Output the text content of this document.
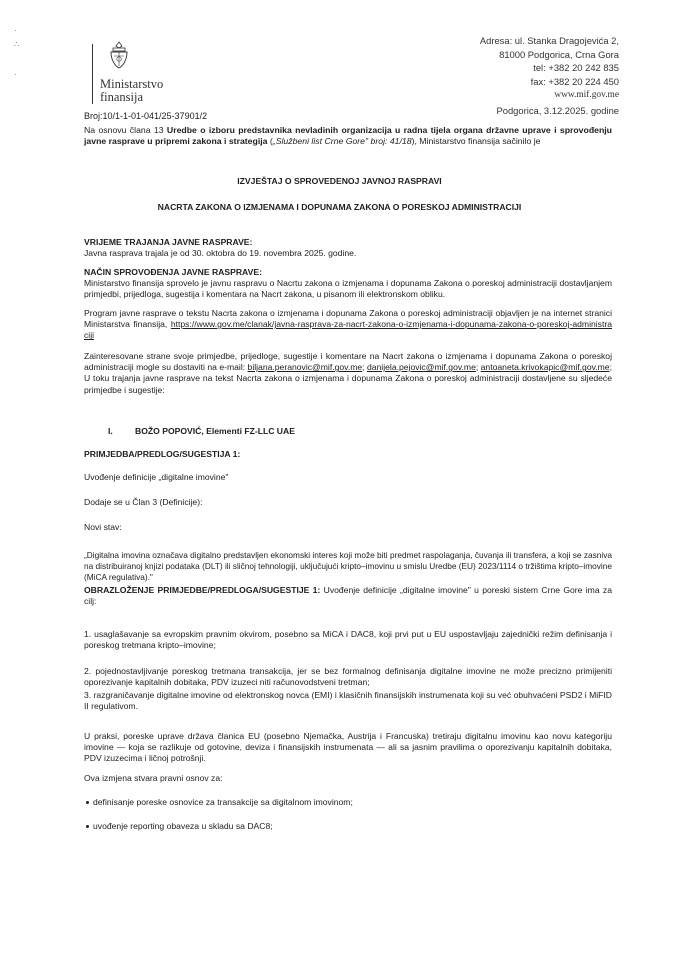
·
∴
·
Ministarstvo
finansija
Adresa: ul. Stanka Dragojevića 2,
81000 Podgorica, Crna Gora
tel: +382 20 242 835
fax: +382 20 224 450
www.mif.gov.me
Podgorica, 3.12.2025. godine
Broj:10/1-1-01-041/25-37901/2
Na osnovu člana 13 Uredbe o izboru predstavnika nevladinih organizacija u radna tijela organa državne uprave i sprovođenju javne rasprave u pripremi zakona i strategija („Službeni list Crne Gore" broj: 41/18), Ministarstvo finansija sačinilo je
IZVJEŠTAJ O SPROVEDENOJ JAVNOJ RASPRAVI
NACRTA ZAKONA O IZMJENAMA I DOPUNAMA ZAKONA O PORESKOJ ADMINISTRACIJI
VRIJEME TRAJANJA JAVNE RASPRAVE:
Javna rasprava trajala je od 30. oktobra do 19. novembra 2025. godine.
NAČIN SPROVOĐENJA JAVNE RASPRAVE:
Ministarstvo finansija sprovelo je javnu raspravu o Nacrtu zakona o izmjenama i dopunama Zakona o poreskoj administraciji dostavljanjem primjedbi, prijedloga, sugestija i komentara na Nacrt zakona, u pisanom ili elektronskom obliku.
Program javne rasprave o tekstu Nacrta zakona o izmjenama i dopunama Zakona o poreskoj administraciji objavljen je na internet stranici Ministarstva finansija, https://www.gov.me/clanak/javna-rasprava-za-nacrt-zakona-o-izmjenama-i-dopunama-zakona-o-poreskoj-administraciji
Zainteresovane strane svoje primjedbe, prijedloge, sugestije i komentare na Nacrt zakona o izmjenama i dopunama Zakona o poreskoj administraciji mogle su dostaviti na e-mail: biljana.peranovic@mif.gov.me; danijela.pejovic@mif.gov.me; antoaneta.krivokapic@mif.gov.me; U toku trajanja javne rasprave na tekst Nacrta zakona o izmjenama i dopunama Zakona o poreskoj administraciji dostavljene su sljedeće primjedbe i sugestije:
I.	BOŽO POPOVIĆ, Elementi FZ-LLC UAE
PRIMJEDBA/PREDLOG/SUGESTIJA 1:
Uvođenje definicije „digitalne imovine"
Dodaje se u Član 3 (Definicije):
Novi stav:
„Digitalna imovina označava digitalno predstavljen ekonomski interes koji može biti predmet raspolaganja, čuvanja ili transfera, a koji se zasniva na distribuiranoj knjizi podataka (DLT) ili sličnoj tehnologiji, uključujući kripto–imovinu u smislu Uredbe (EU) 2023/1114 o tržištima kripto–imovine (MiCA regulativa)."
OBRAZLOŽENJE PRIMJEDBE/PREDLOGA/SUGESTIJE 1: Uvođenje definicije „digitalne imovine" u poreski sistem Crne Gore ima za cilj:
1. usaglašavanje sa evropskim pravnim okvirom, posebno sa MiCA i DAC8, koji prvi put u EU uspostavljaju zajednički režim definisanja i poreskog tretmana kripto–imovine;
2. pojednostavljivanje poreskog tretmana transakcija, jer se bez formalnog definisanja digitalne imovine ne može precizno primijeniti oporezivanje kapitalnih dobitaka, PDV izuzeci niti računovodstveni tretman;
3. razgraničavanje digitalne imovine od elektronskog novca (EMI) i klasičnih finansijskih instrumenata koji su već obuhvaćeni PSD2 i MiFID II regulativom.
U praksi, poreske uprave država članica EU (posebno Njemačka, Austrija i Francuska) tretiraju digitalnu imovinu kao novu kategoriju imovine — koja se razlikuje od gotovine, deviza i finansijskih instrumenata — ali sa jasnim pravilima o oporezivanju kapitalnih dobitaka, PDV izuzecima i ličnoj potrošnji.
Ova izmjena stvara pravni osnov za:
definisanje poreske osnovice za transakcije sa digitalnom imovinom;
uvođenje reporting obaveza u skladu sa DAC8;
